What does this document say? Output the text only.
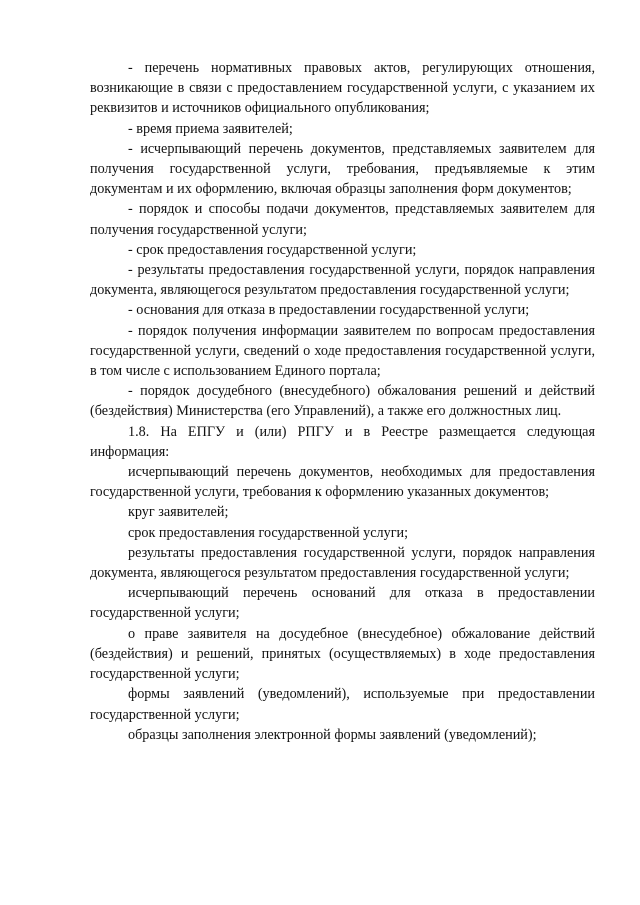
- перечень нормативных правовых актов, регулирующих отношения, возникающие в связи с предоставлением государственной услуги, с указанием их реквизитов и источников официального опубликования;

- время приема заявителей;

- исчерпывающий перечень документов, представляемых заявителем для получения государственной услуги, требования, предъявляемые к этим документам и их оформлению, включая образцы заполнения форм документов;

- порядок и способы подачи документов, представляемых заявителем для получения государственной услуги;

- срок предоставления государственной услуги;

- результаты предоставления государственной услуги, порядок направления документа, являющегося результатом предоставления государственной услуги;

- основания для отказа в предоставлении государственной услуги;

- порядок получения информации заявителем по вопросам предоставления государственной услуги, сведений о ходе предоставления государственной услуги, в том числе с использованием Единого портала;

- порядок досудебного (внесудебного) обжалования решений и действий (бездействия) Министерства (его Управлений), а также его должностных лиц.

1.8. На ЕПГУ и (или) РПГУ и в Реестре размещается следующая информация:

исчерпывающий перечень документов, необходимых для предоставления государственной услуги, требования к оформлению указанных документов;

круг заявителей;

срок предоставления государственной услуги;

результаты предоставления государственной услуги, порядок направления документа, являющегося результатом предоставления государственной услуги;

исчерпывающий перечень оснований для отказа в предоставлении государственной услуги;

о праве заявителя на досудебное (внесудебное) обжалование действий (бездействия) и решений, принятых (осуществляемых) в ходе предоставления государственной услуги;

формы заявлений (уведомлений), используемые при предоставлении государственной услуги;

образцы заполнения электронной формы заявлений (уведомлений);
